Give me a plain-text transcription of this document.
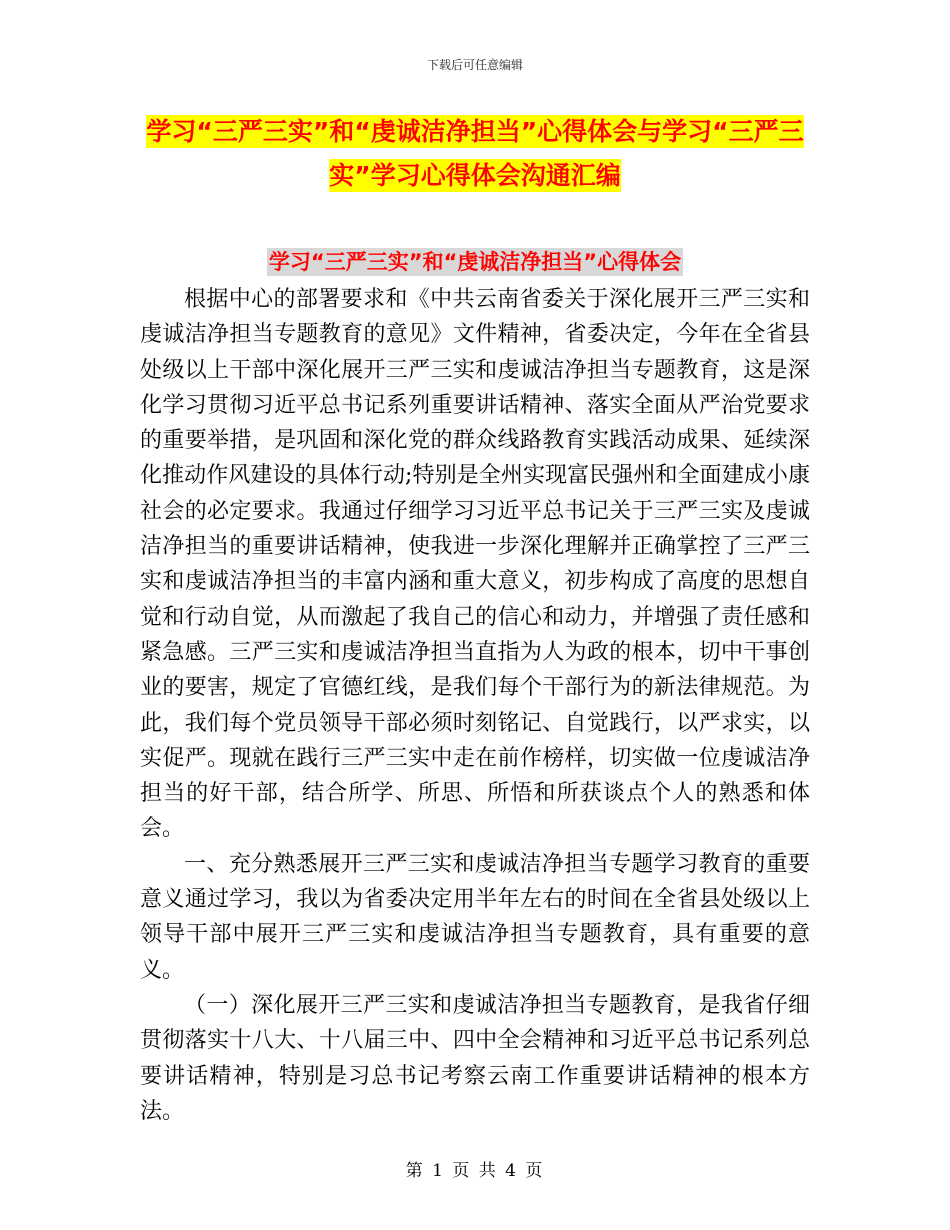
下载后可任意编辑
学习“三严三实”和“虔诚洁净担当”心得体会与学习“三严三实”学习心得体会沟通汇编
学习“三严三实”和“虔诚洁净担当”心得体会

根据中心的部署要求和《中共云南省委关于深化展开三严三实和虔诚洁净担当专题教育的意见》文件精神，省委决定，今年在全省县处级以上干部中深化展开三严三实和虔诚洁净担当专题教育，这是深化学习贯彻习近平总书记系列重要讲话精神、落实全面从严治党要求的重要举措，是巩固和深化党的群众线路教育实践活动成果、延续深化推动作风建设的具体行动;特别是全州实现富民强州和全面建成小康社会的必定要求。我通过仔细学习习近平总书记关于三严三实及虔诚洁净担当的重要讲话精神，使我进一步深化理解并正确掌控了三严三实和虔诚洁净担当的丰富内涵和重大意义，初步构成了高度的思想自觉和行动自觉，从而激起了我自己的信心和动力，并增强了责任感和紧急感。三严三实和虔诚洁净担当直指为人为政的根本，切中干事创业的要害，规定了官德红线，是我们每个干部行为的新法律规范。为此，我们每个党员领导干部必须时刻铭记、自觉践行，以严求实，以实促严。现就在践行三严三实中走在前作榜样，切实做一位虔诚洁净担当的好干部，结合所学、所思、所悟和所获谈点个人的熟悉和体会。

一、充分熟悉展开三严三实和虔诚洁净担当专题学习教育的重要意义通过学习，我以为省委决定用半年左右的时间在全省县处级以上领导干部中展开三严三实和虔诚洁净担当专题教育，具有重要的意义。

（一）深化展开三严三实和虔诚洁净担当专题教育，是我省仔细贯彻落实十八大、十八届三中、四中全会精神和习近平总书记系列总要讲话精神，特别是习总书记考察云南工作重要讲话精神的根本方法。

第 1 页 共 4 页
